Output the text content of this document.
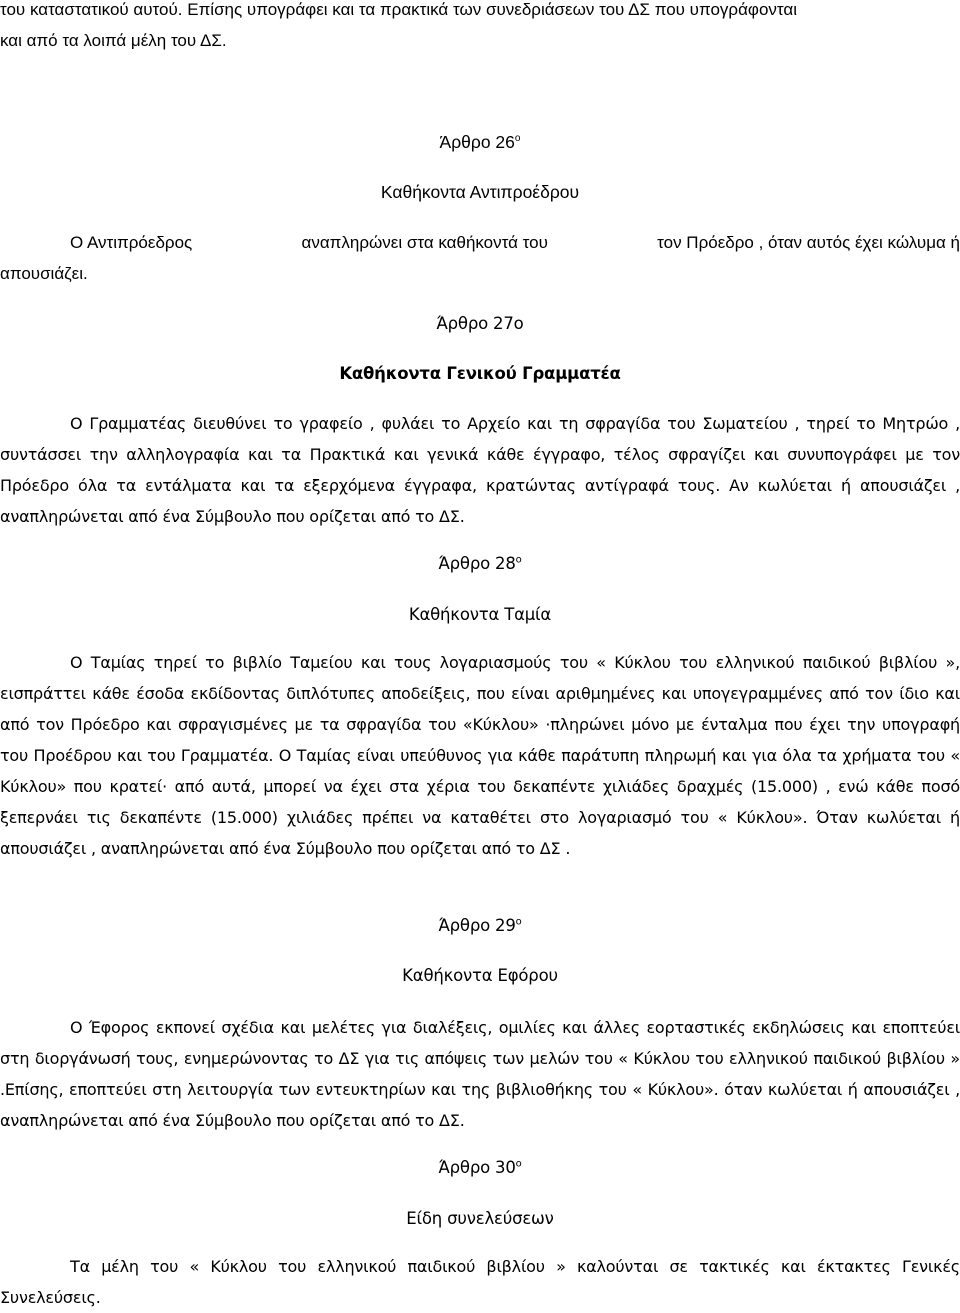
του καταστατικού αυτού. Επίσης υπογράφει και τα πρακτικά των συνεδριάσεων του ΔΣ που υπογράφονται
και από τα λοιπά μέλη του ΔΣ.
Άρθρο $26^o$
Καθήκοντα Αντιπροέδρου
Ο Αντιπρόεδρος	αναπληρώνει στα καθήκοντά του	τον Πρόεδρο , όταν αυτός έχει κώλυμα ή
απουσιάζει.
Άρθρο 27ο
Καθήκοντα Γενικού Γραμματέα
Ο Γραμματέας διευθύνει το γραφείο , φυλάει το Αρχείο και τη σφραγίδα του Σωματείου , τηρεί το Μητρώο , συντάσσει την αλληλογραφία και τα Πρακτικά και γενικά κάθε έγγραφο, τέλος σφραγίζει και συνυπογράφει με τον Πρόεδρο όλα τα εντάλματα και τα εξερχόμενα έγγραφα, κρατώντας αντίγραφά τους. Αν κωλύεται ή απουσιάζει , αναπληρώνεται από ένα Σύμβουλο που ορίζεται από το ΔΣ.
Άρθρο $28^o$
Καθήκοντα Ταμία
Ο Ταμίας τηρεί το βιβλίο Ταμείου και τους λογαριασμούς του « Κύκλου του ελληνικού παιδικού βιβλίου », εισπράττει κάθε έσοδα εκδίδοντας διπλότυπες αποδείξεις, που είναι αριθμημένες και υπογεγραμμένες από τον ίδιο και από τον Πρόεδρο και σφραγισμένες με τα σφραγίδα του «Κύκλου» ·πληρώνει μόνο με ένταλμα που έχει την υπογραφή του Προέδρου και του Γραμματέα. Ο Ταμίας είναι υπεύθυνος για κάθε παράτυπη πληρωμή και για όλα τα χρήματα του « Κύκλου» που κρατεί· από αυτά, μπορεί να έχει στα χέρια του δεκαπέντε χιλιάδες δραχμές (15.000) , ενώ κάθε ποσό ξεπερνάει τις δεκαπέντε (15.000) χιλιάδες πρέπει να καταθέτει στο λογαριασμό του « Κύκλου». Όταν κωλύεται ή απουσιάζει , αναπληρώνεται από ένα Σύμβουλο που ορίζεται από το ΔΣ .
Άρθρο $29^o$
Καθήκοντα Εφόρου
Ο Έφορος εκπονεί σχέδια και μελέτες για διαλέξεις, ομιλίες και άλλες εορταστικές εκδηλώσεις και εποπτεύει στη διοργάνωσή τους, ενημερώνοντας το ΔΣ για τις απόψεις των μελών του « Κύκλου του ελληνικού παιδικού βιβλίου » .Επίσης, εποπτεύει στη λειτουργία των εντευκτηρίων και της βιβλιοθήκης του « Κύκλου». όταν κωλύεται ή απουσιάζει , αναπληρώνεται από ένα Σύμβουλο που ορίζεται από το ΔΣ.
Άρθρο $30^o$
Είδη συνελεύσεων
Τα μέλη του « Κύκλου του ελληνικού παιδικού βιβλίου » καλούνται σε τακτικές και έκτακτες Γενικές Συνελεύσεις.
